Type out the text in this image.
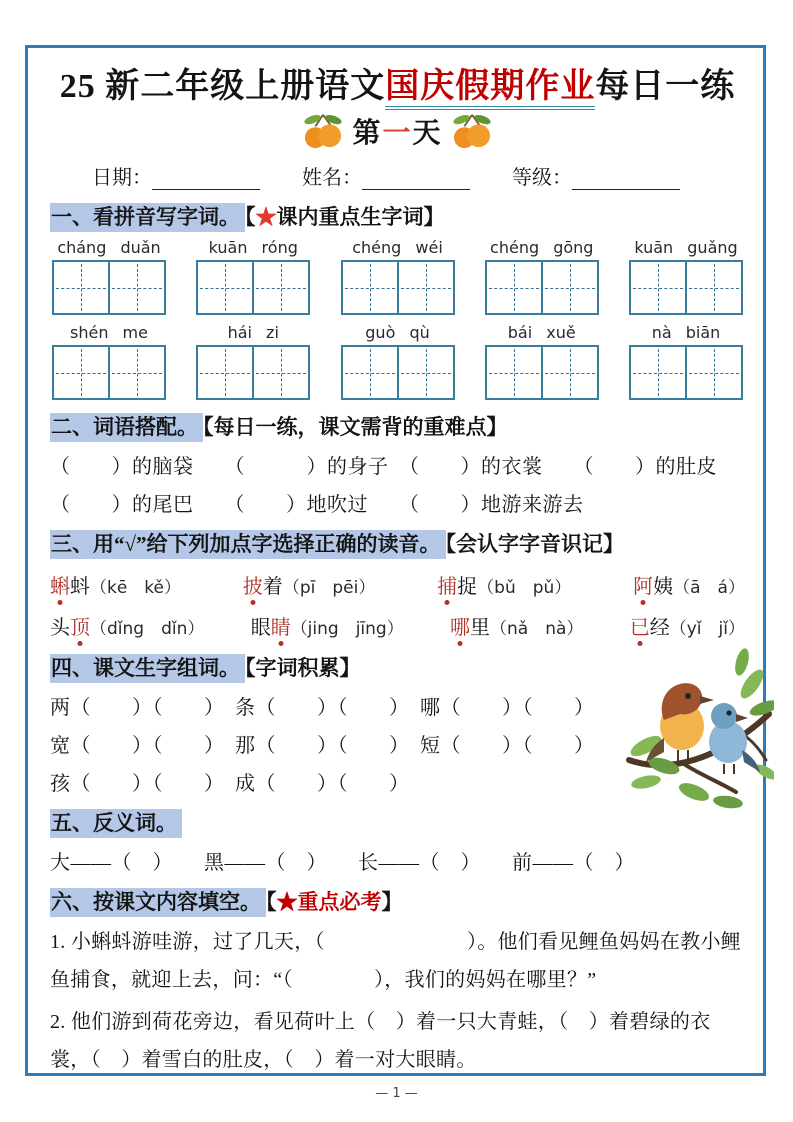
25 新二年级上册语文国庆假期作业每日一练
第一天
日期：	姓名：	等级：
一、看拼音写字词。 【★课内重点生字词】
cháng duǎn	kuān róng	chéng wéi	chéng gōng	kuān guǎng
shén me	hái zi	guò qù	bái xuě	nà biān
二、词语搭配。 【每日一练，课文需背的重难点】
（　　）的脑袋　　（　　　）的身子　（　　）的衣裳　　（　　）的肚皮
（　　）的尾巴　　（　　）地吹过　　（　　）地游来游去
三、用“√”给下列加点字选择正确的读音。 【会认字字音识记】
蝌蚪（kē　kě）	披着（pī　pēi）	捕捉（bǔ　pǔ）	阿姨（ā　á）
头顶（dǐng　dǐn） 眼睛（jing　jīng） 哪里（nǎ　nà） 已经（yǐ　jǐ）
四、课文生字组词。 【字词积累】
两（　　）（　　）　条（　　）（　　）　哪（　　）（　　）
宽（　　）（　　）　那（　　）（　　）　短（　　）（　　）
孩（　　）（　　）　成（　　）（　　）
五、反义词。
大——（　）　　黑——（　）　　长——（　）　　前——（　）
六、按课文内容填空。 【★重点必考】
1. 小蝌蚪游哇游，过了几天，（　　　　　　　）。他们看见鲤鱼妈妈在教小鲤鱼捕食，就迎上去，问：“（　　　　），我们的妈妈在哪里？”
2. 他们游到荷花旁边，看见荷叶上（　）着一只大青蛙，（　）着碧绿的衣裳，（　）着雪白的肚皮，（　）着一对大眼睛。
— 1 —
